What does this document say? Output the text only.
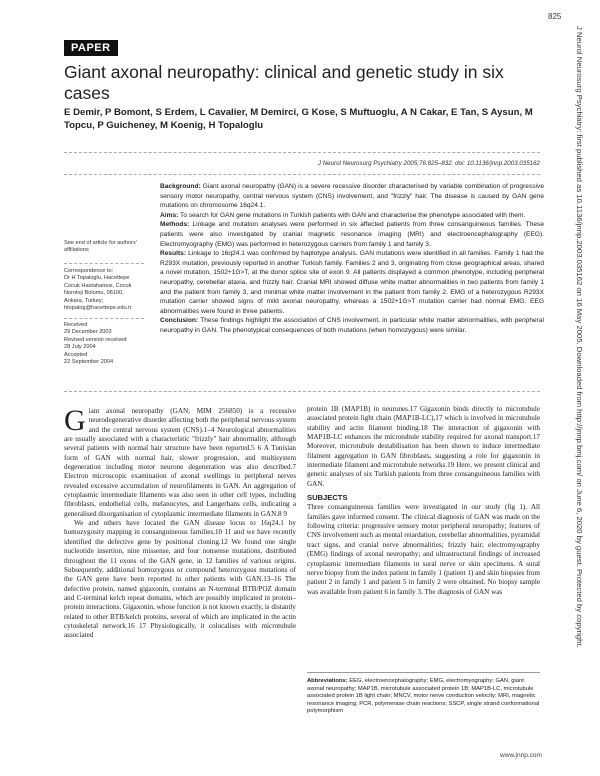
825
PAPER
Giant axonal neuropathy: clinical and genetic study in six cases
E Demir, P Bomont, S Erdem, L Cavalier, M Demirci, G Kose, S Muftuoglu, A N Cakar, E Tan, S Aysun, M Topcu, P Guicheney, M Koenig, H Topaloglu
J Neurol Neurosurg Psychiatry 2005;76:825–832. doi: 10.1136/jnnp.2003.035162

Background: Giant axonal neuropathy (GAN) is a severe recessive disorder characterised by variable combination of progressive sensory motor neuropathy, central nervous system (CNS) involvement, and "frizzly" hair. The disease is caused by GAN gene mutations on chromosome 16q24.1.

Aims: To search for GAN gene mutations in Turkish patients with GAN and characterise the phenotype associated with them.

Methods: Linkage and mutation analyses were performed in six affected patients from three consanguineous families. These patients were also investigated by cranial magnetic resonance imaging (MRI) and electroencephalography (EEG). Electromyography (EMG) was performed in heterozygous carriers from family 1 and family 3.

Results: Linkage to 16q24.1 was confirmed by haplotype analysis. GAN mutations were identified in all families. Family 1 had the R293X mutation, previously reported in another Turkish family. Families 2 and 3, originating from close geographical areas, shared a novel mutation, 1502+1G>T, at the donor splice site of exon 9. All patients displayed a common phenotype, including peripheral neuropathy, cerebellar ataxia, and frizzly hair. Cranial MRI showed diffuse white matter abnormalities in two patients from family 1 and the patient from family 3, and minimal white matter involvement in the patient from family 2. EMG of a heterozygous R293X mutation carrier showed signs of mild axonal neuropathy, whereas a 1502+1G>T mutation carrier had normal EMG. EEG abnormalities were found in three patients.

Conclusion: These findings highlight the association of CNS involvement, in particular white matter abnormalities, with peripheral neuropathy in GAN. The phenotypical consequences of both mutations (when homozygous) were similar.

See end of article for authors' affiliations
Correspondence to:
Dr H Topaloglu, Hacettepe Cocuk Hastahanesi, Cocuk Noroloji Bolumu, 06100, Ankara, Turkey; htopalog@hacettepe.edu.tr
Received
29 December 2003
Revised version received
28 July 2004
Accepted
22 September 2004

Giant axonal neuropathy (GAN; MIM 256850) is a recessive neurodegenerative disorder affecting both the peripheral nervous system and the central nervous system (CNS).1–4 Neurological abnormalities are usually associated with a characteristic "frizzly" hair abnormality, although several patients with normal hair structure have been reported.5 6 A Tunisian form of GAN with normal hair, slower progression, and multisystem degeneration including motor neurone degeneration was also described.7 Electron microscopic examination of axonal swellings in peripheral nerves revealed excessive accumulation of neurofilaments in GAN. An aggregation of cytoplasmic intermediate filaments was also seen in other cell types, including fibroblasts, endothelial cells, melanocytes, and Langerhans cells, indicating a generalised disorganisation of cytoplasmic intermediate filaments in GAN.8 9

We and others have located the GAN disease locus to 16q24.1 by homozygosity mapping in consanguineous families,10 11 and we have recently identified the defective gene by positional cloning.12 We found one single nucleotide insertion, nine missense, and four nonsense mutations, distributed throughout the 11 exons of the GAN gene, in 12 families of various origins. Subsequently, additional homozygous or compound heterozygous mutations of the GAN gene have been reported in other patients with GAN.13–16 The defective protein, named gigaxonin, contains an N-terminal BTB/POZ domain and C-terminal kelch repeat domains, which are possibly implicated in protein–protein interactions. Gigaxonin, whose function is not known exactly, is distantly related to other BTB/kelch proteins, several of which are implicated in the actin cytoskeletal network.16 17 Physiologically, it colocalises with microtubule associated

protein 1B (MAP1B) in neurones.17 Gigaxonin binds directly to microtubule associated protein light chain (MAP1B-LC),17 which is involved in microtubule stability and actin filament binding.18 The interaction of gigaxonin with MAP1B-LC enhances the microtubule stability required for axonal transport.17 Moreover, microtubule destabilisation has been shown to induce intermediate filament aggregation in GAN fibroblasts, suggesting a role for gigaxonin in intermediate filament and microtubule networks.19 Here, we present clinical and genetic analyses of six Turkish patients from three consanguineous families with GAN.

SUBJECTS

Three consanguineous families were investigated in our study (fig 1). All families gave informed consent. The clinical diagnosis of GAN was made on the following criteria: progressive sensory motor peripheral neuropathy; features of CNS involvement such as mental retardation, cerebellar abnormalities, pyramidal tract signs, and cranial nerve abnormalities; frizzly hair; electromyography (EMG) findings of axonal neuropathy; and ultrastructural findings of increased cytoplasmic intermediate filaments in sural nerve or skin specimens. A sural nerve biopsy from the index patient in family 1 (patient 1) and skin biopsies from patient 2 in family 1 and patient 5 in family 2 were obtained. No biopsy sample was available from patient 6 in family 3. The diagnosis of GAN was

Abbreviations: EEG, electroencephalography; EMG, electromyography; GAN, giant axonal neuropathy; MAP1B, microtubule associated protein 1B; MAP1B-LC, microtubule associated protein 1B light chain; MNCV, motor nerve conduction velocity; MRI, magnetic resonance imaging; PCR, polymerase chain reactions; SSCP, single strand conformational polymorphism
J Neurol Neurosurg Psychiatry: first published as 10.1136/jnnp.2003.035162 on 16 May 2005. Downloaded from http://jnnp.bmj.com/ on June 6, 2020 by guest. Protected by copyright.
www.jnnp.com
